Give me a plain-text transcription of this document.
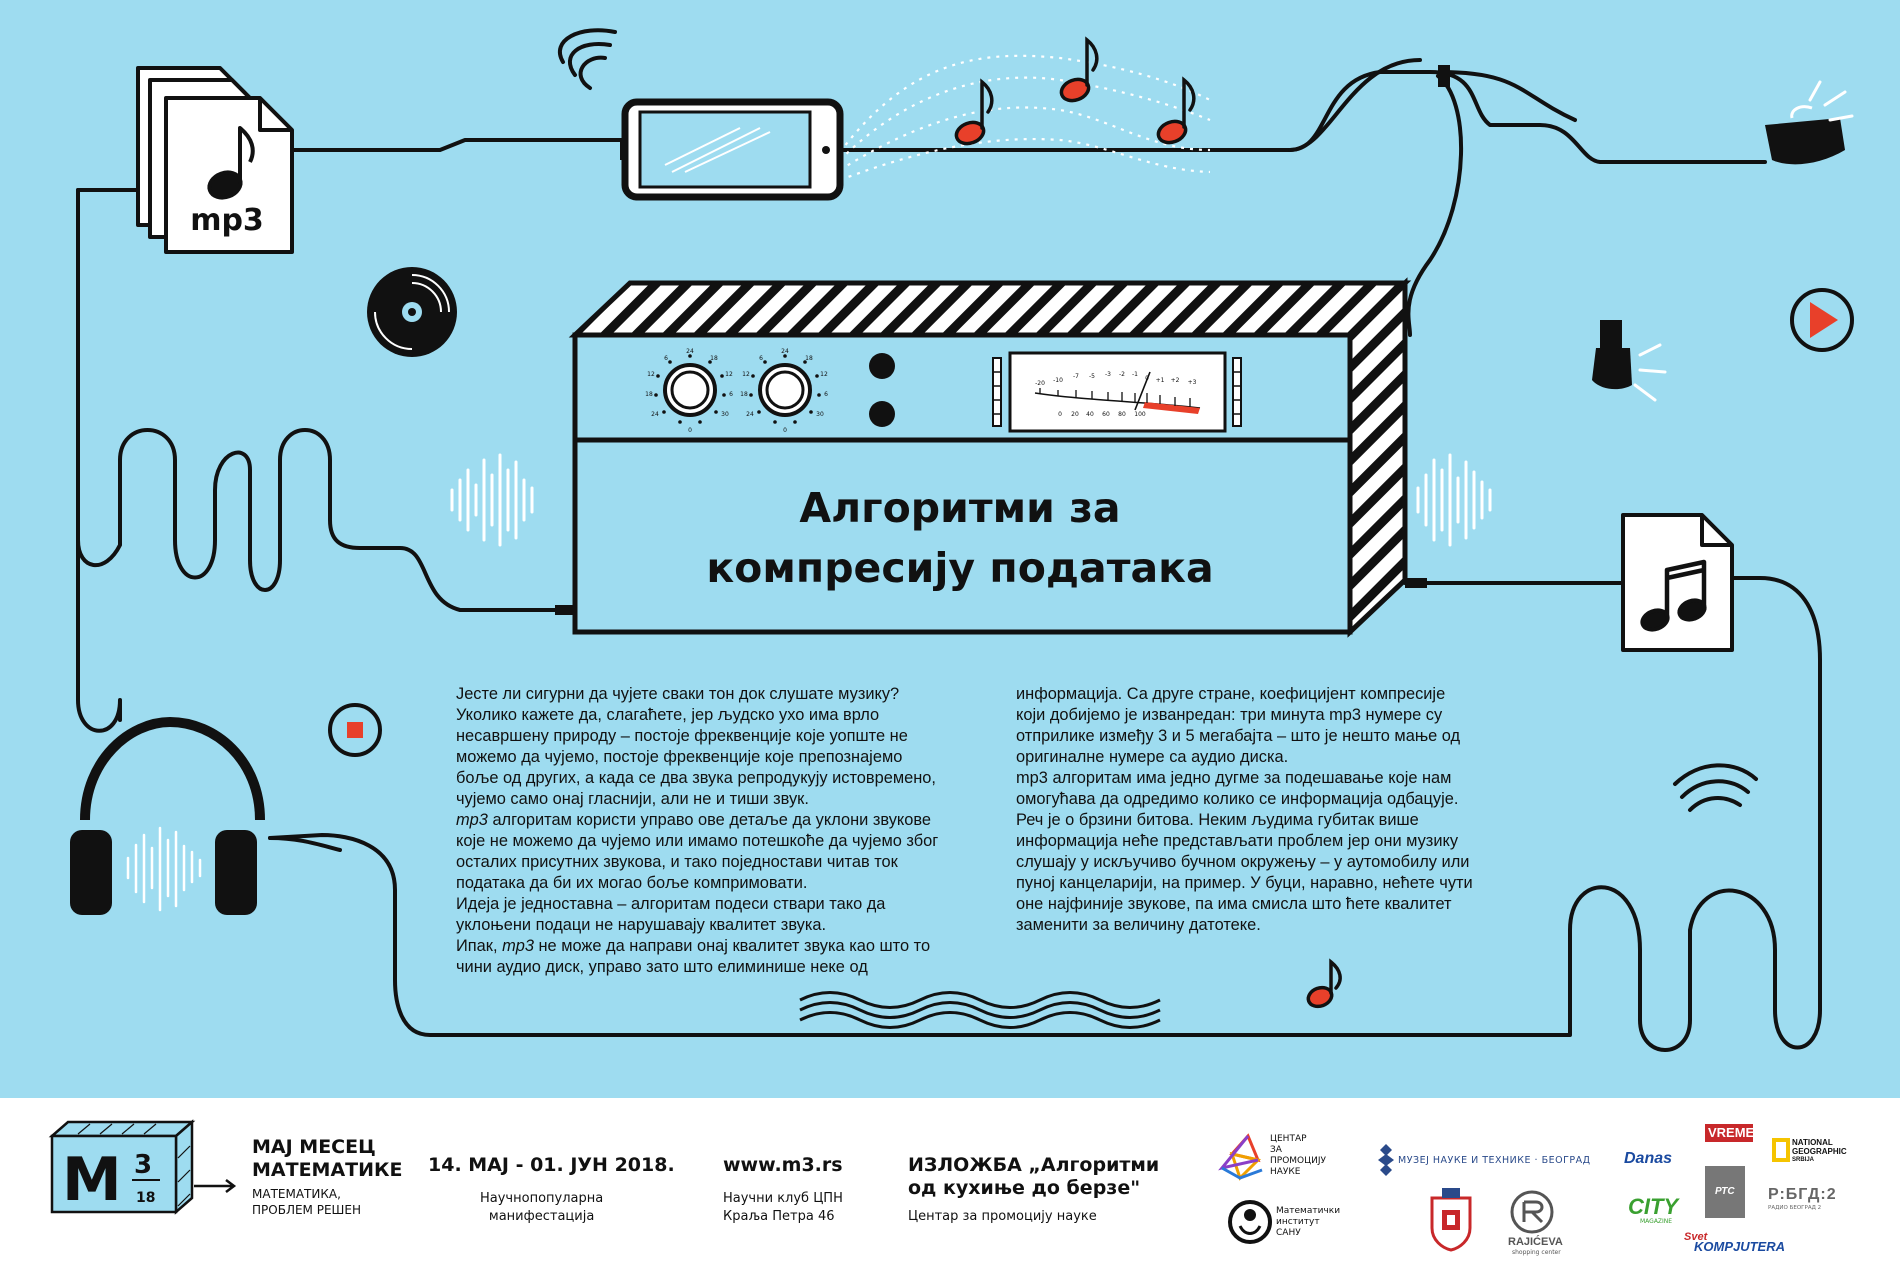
mp3
24
18
12
6
0
6
12
18
24	30
24
18
12
6
0
6
12
18
24	30
-20 -10
-7 -5 -3 -2 -1
0 +1 +2 +3
0 20 40 60 80 100
Алгоритми за
компресију података

Јесте ли сигурни да чујете сваки тон док слушате музику?

Уколико кажете да, слагаћете, јер људско ухо има врло

несавршену природу – постоје фреквенције које уопште не

можемо да чујемо, постоје фреквенције које препознајемо

боље од других, а када се два звука репродукују истовремено,

чујемо само онај гласнији, али не и тиши звук.

mp3 алгоритам користи управо ове детаље да уклони звукове

које не можемо да чујемо или имамо потешкоће да чујемо због

осталих присутних звукова, и тако поједностави читав ток

података да би их могао боље компримовати.

Идеја је једноставна – алгоритам подеси ствари тако да

уклоњени подаци не нарушавају квалитет звука.

Ипак, mp3 не може да направи онај квалитет звука као што то

чини аудио диск, управо зато што елиминише неке од

информација. Са друге стране, коефицијент компресије

који добијемо је изванредан: три минута mp3 нумере су

отприлике између 3 и 5 мегабајта – што је нешто мање од

оригиналне нумере са аудио диска.

mp3 алгоритам има једно дугме за подешавање које нам

омогућава да одредимо колико се информација одбацује.

Реч је о брзини битова. Неким људима губитак више

информација неће представљати проблем јер они музику

слушају у искључиво бучном окружењу – у аутомобилу или

пуној канцеларији, на пример. У буци, наравно, нећете чути

оне најфиније звукове, па има смисла што ћете квалитет

заменити за величину датотеке.

M 3
18
МАЈ МЕСЕЦ
МАТЕМАТИКЕ
МАТЕМАТИКА,
ПРОБЛЕМ РЕШЕН
14. МАЈ - 01. ЈУН 2018.
Научнопопуларна
манифестација
www.m3.rs
Научни клуб ЦПН
Краља Петра 46
ИЗЛОЖБА „Алгоритми
од кухиње до берзе"
Центар за промоцију науке
ЦЕНТАР
ЗА
ПРОМОЦИЈУ
НАУКЕ
Математички
институт
САНУ
МУЗЕЈ НАУКЕ И ТЕХНИКЕ · БЕОГРАД
RAJIĆEVA
shopping center
Danas
VREME
NATIONAL
GEOGRAPHIC
SRBIJA
CITY
MAGAZINE
РТС Р:БГД:2
РАДИО БЕОГРАД 2
Svet
KOMPJUTERA
